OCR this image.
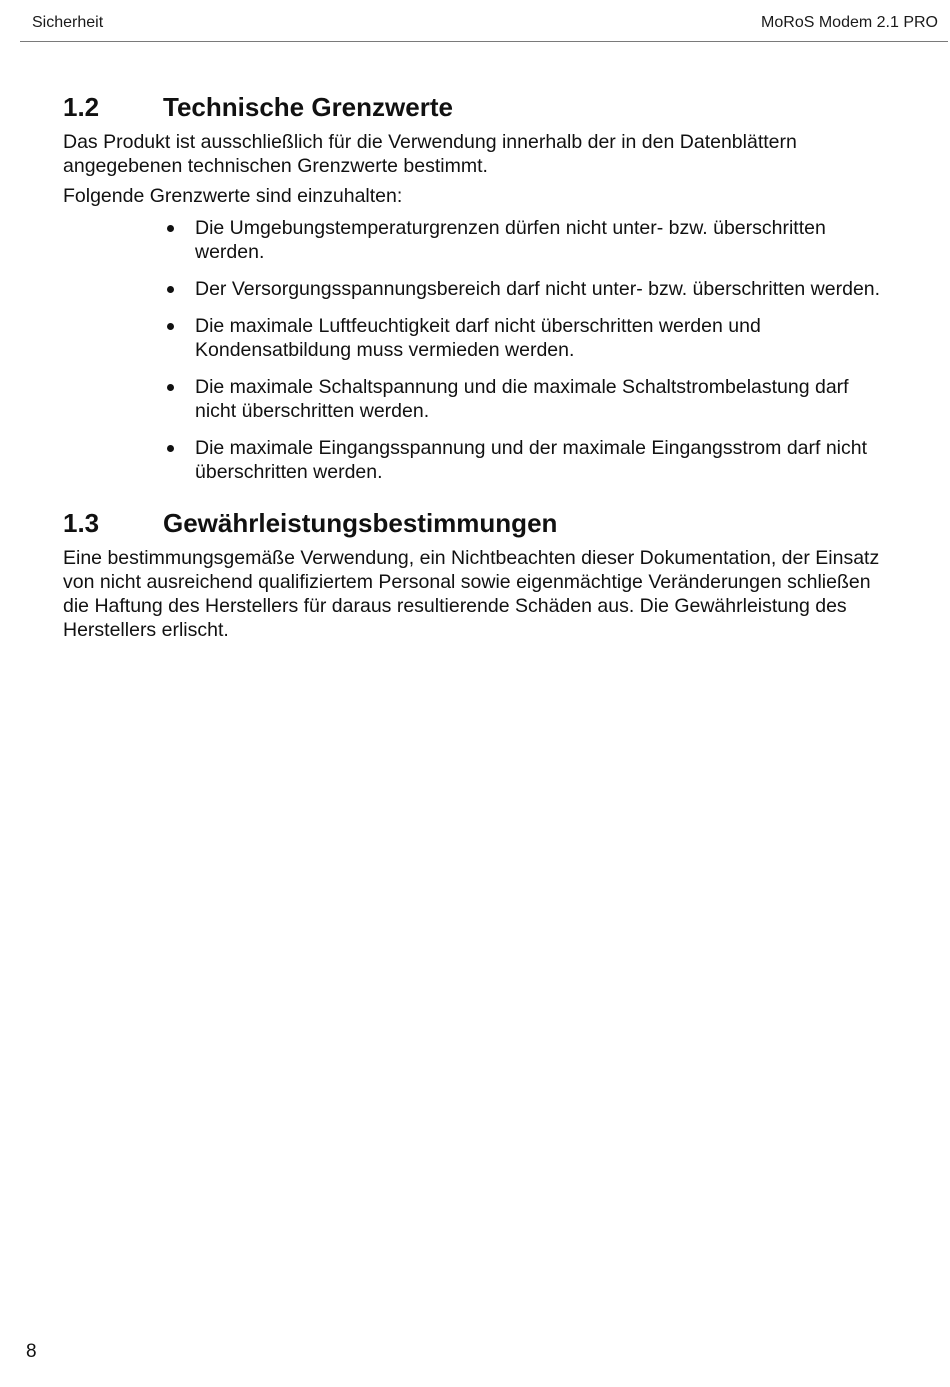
Sicherheit	MoRoS Modem 2.1 PRO
1.2	Technische Grenzwerte

Das Produkt ist ausschließlich für die Verwendung innerhalb der in den Datenblättern angegebenen technischen Grenzwerte bestimmt.

Folgende Grenzwerte sind einzuhalten:

Die Umgebungstemperaturgrenzen dürfen nicht unter- bzw. überschritten werden.
Der Versorgungsspannungsbereich darf nicht unter- bzw. überschritten werden.
Die maximale Luftfeuchtigkeit darf nicht überschritten werden und Kondensatbildung muss vermieden werden.
Die maximale Schaltspannung und die maximale Schaltstrombelastung darf nicht überschritten werden.
Die maximale Eingangsspannung und der maximale Eingangsstrom darf nicht überschritten werden.
1.3	Gewährleistungsbestimmungen

Eine bestimmungsgemäße Verwendung, ein Nichtbeachten dieser Dokumentation, der Einsatz von nicht ausreichend qualifiziertem Personal sowie eigenmächtige Veränderungen schließen die Haftung des Herstellers für daraus resultierende Schäden aus. Die Gewährleistung des Herstellers erlischt.

8
